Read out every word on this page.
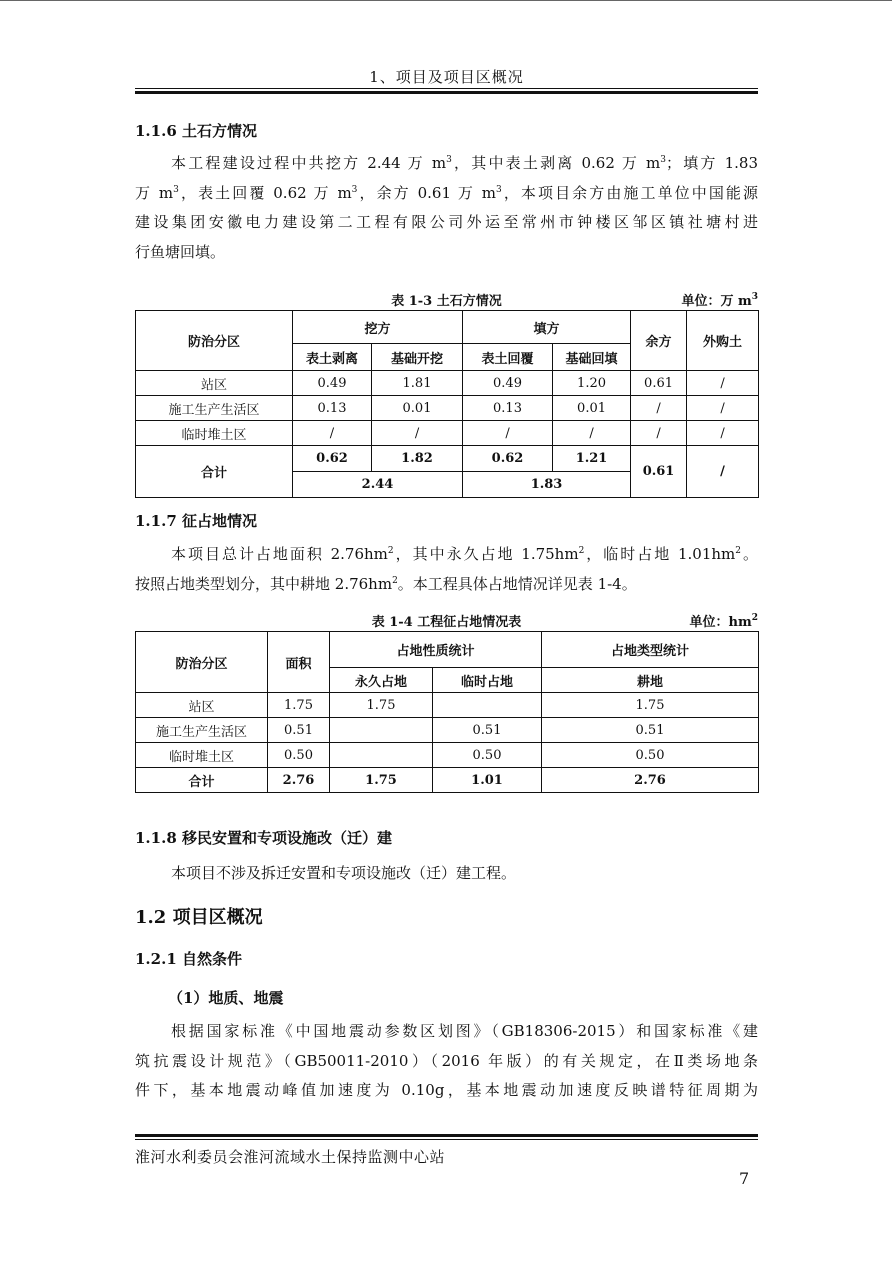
1、项目及项目区概况
1.1.6 土石方情况
本工程建设过程中共挖方 2.44 万 $m^3$，其中表土剥离 0.62 万 $m^3$；填方 1.83
万 $m^3$，表土回覆 0.62 万 $m^3$，余方 0.61 万 $m^3$，本项目余方由施工单位中国能源
建设集团安徽电力建设第二工程有限公司外运至常州市钟楼区邹区镇社塘村进
行鱼塘回填。
表 1-3 土石方情况	单位：万 $m^3$
防治分区	挖方		填方		余方	外购土
	表土剥离	基础开挖	表土回覆	基础回填		
站区	0.49	1.81	0.49	1.20	0.61	/
施工生产生活区	0.13	0.01	0.13	0.01	/	/
临时堆土区	/	/	/	/	/	/
合计	0.62	1.82	0.62	1.21	0.61	/
	2.44		1.83			
1.1.7 征占地情况
本项目总计占地面积 $2.76hm^2$，其中永久占地 $1.75hm^2$，临时占地 $1.01hm^2$。
按照占地类型划分，其中耕地 $2.76hm^2$。本工程具体占地情况详见表 1-4。
表 1-4 工程征占地情况表	单位：$hm^2$
防治分区	面积	占地性质统计		占地类型统计
		永久占地	临时占地	耕地
站区	1.75	1.75		1.75
施工生产生活区	0.51		0.51	0.51
临时堆土区	0.50		0.50	0.50
合计	2.76	1.75	1.01	2.76
1.1.8 移民安置和专项设施改（迁）建
本项目不涉及拆迁安置和专项设施改（迁）建工程。
1.2 项目区概况
1.2.1 自然条件
（1）地质、地震
根据国家标准《中国地震动参数区划图》（GB18306-2015）和国家标准《建
筑抗震设计规范》（GB50011-2010）（2016 年版）的有关规定，在Ⅱ类场地条
件下，基本地震动峰值加速度为 0.10g，基本地震动加速度反映谱特征周期为
淮河水利委员会淮河流域水土保持监测中心站
7
